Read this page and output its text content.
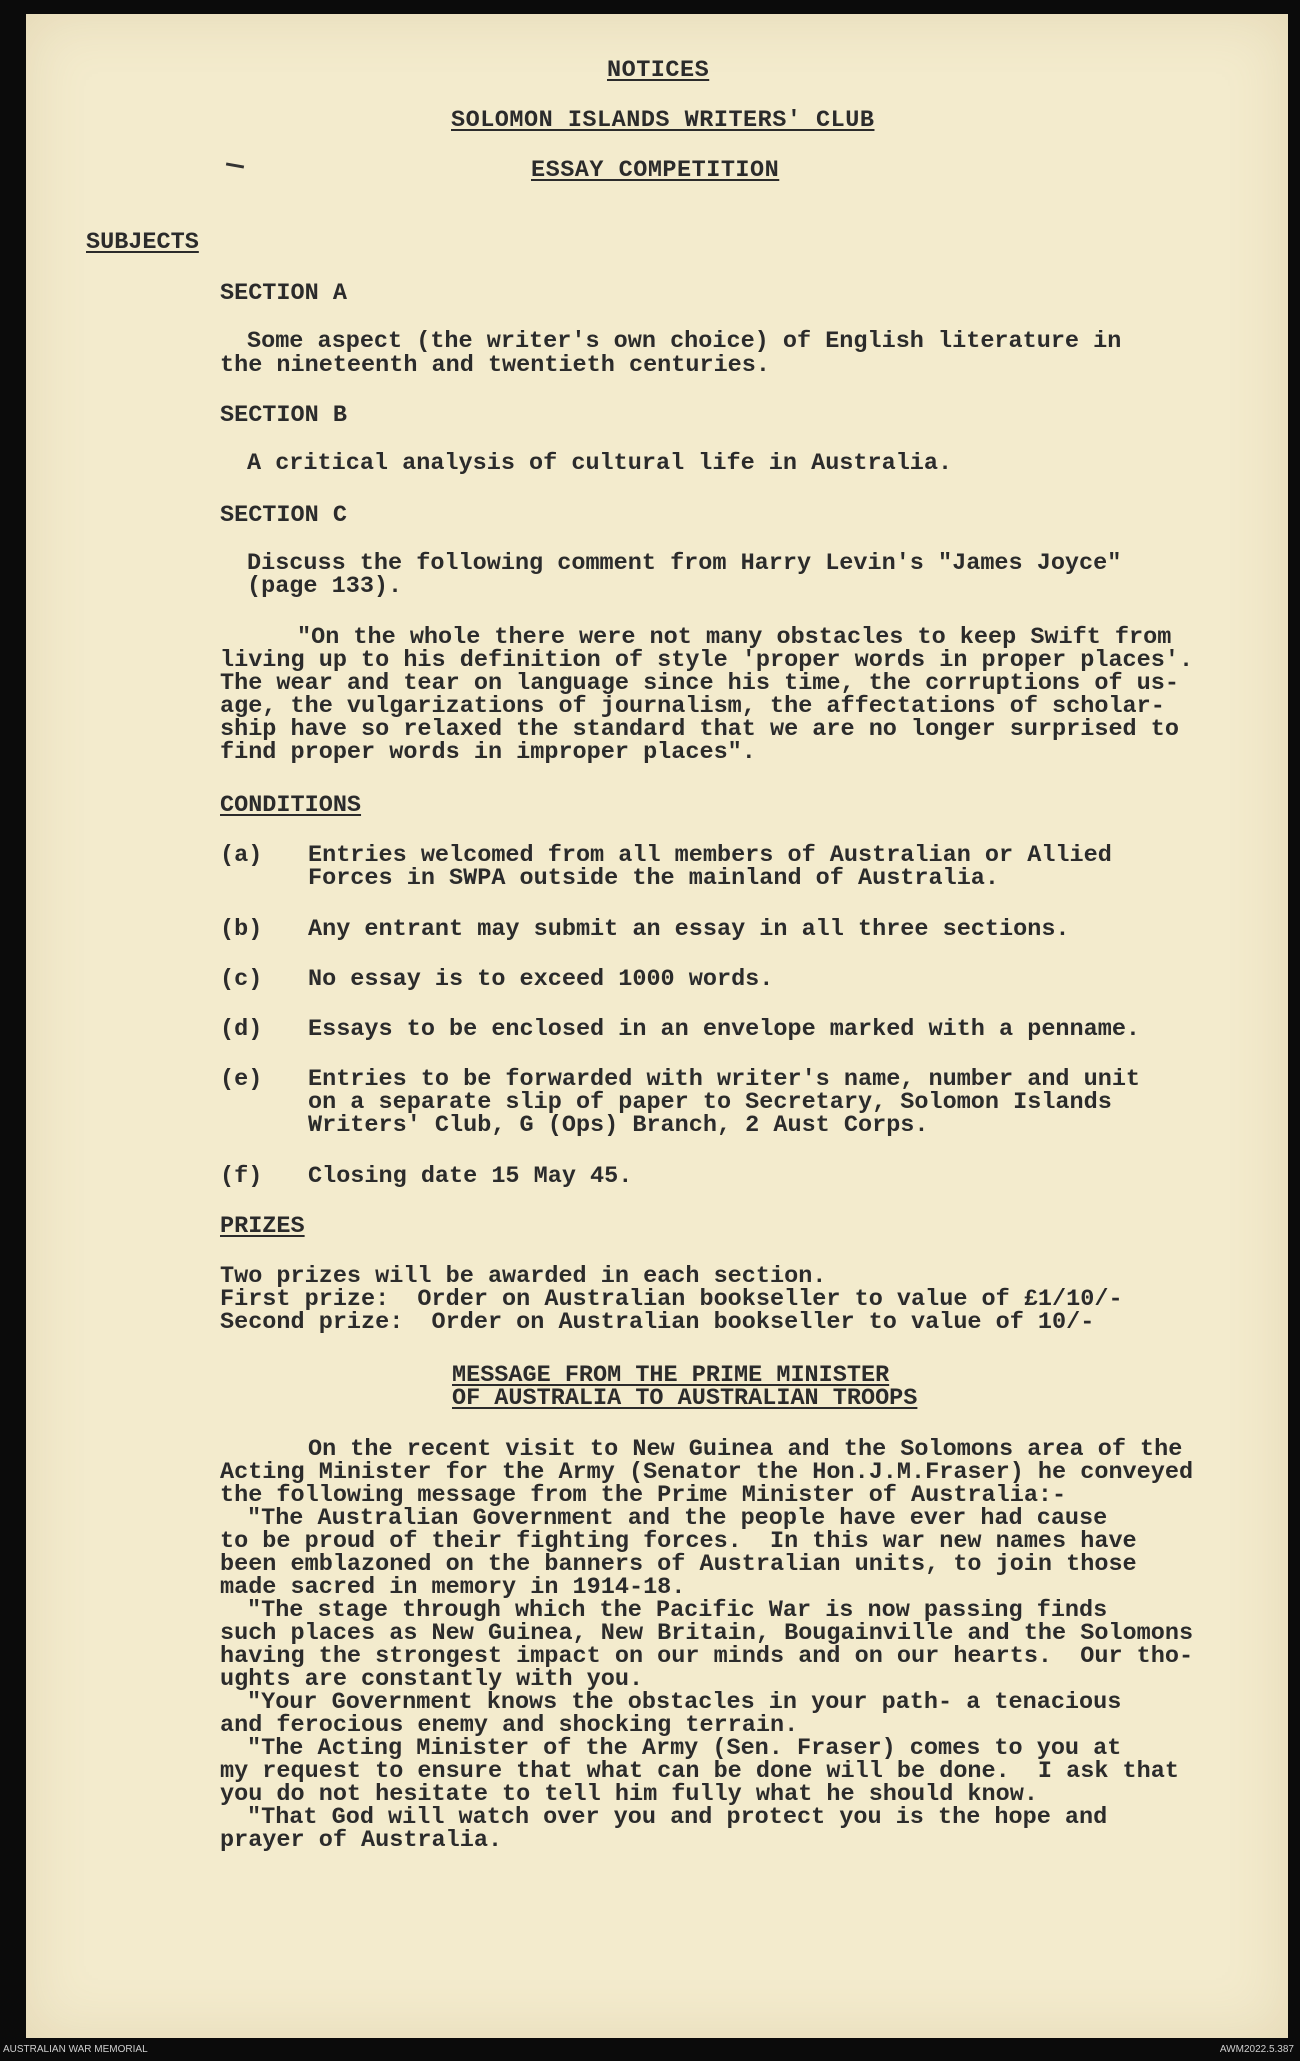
NOTICES
SOLOMON ISLANDS WRITERS' CLUB
ESSAY COMPETITION
SUBJECTS
SECTION A
Some aspect (the writer's own choice) of English literature in
the nineteenth and twentieth centuries.
SECTION B
A critical analysis of cultural life in Australia.
SECTION C
Discuss the following comment from Harry Levin's "James Joyce"
(page 133).
"On the whole there were not many obstacles to keep Swift from
living up to his definition of style 'proper words in proper places'.
The wear and tear on language since his time, the corruptions of us-
age, the vulgarizations of journalism, the affectations of scholar-
ship have so relaxed the standard that we are no longer surprised to
find proper words in improper places".
CONDITIONS
(a) Entries welcomed from all members of Australian or Allied
Forces in SWPA outside the mainland of Australia.
(b) Any entrant may submit an essay in all three sections.
(c) No essay is to exceed 1000 words.
(d) Essays to be enclosed in an envelope marked with a penname.
(e) Entries to be forwarded with writer's name, number and unit
on a separate slip of paper to Secretary, Solomon Islands
Writers' Club, G (Ops) Branch, 2 Aust Corps.
(f) Closing date 15 May 45.
PRIZES
Two prizes will be awarded in each section.
First prize:  Order on Australian bookseller to value of £1/10/-
Second prize:  Order on Australian bookseller to value of 10/-
MESSAGE FROM THE PRIME MINISTER
OF AUSTRALIA TO AUSTRALIAN TROOPS
On the recent visit to New Guinea and the Solomons area of the
Acting Minister for the Army (Senator the Hon.J.M.Fraser) he conveyed
the following message from the Prime Minister of Australia:-
"The Australian Government and the people have ever had cause
to be proud of their fighting forces.  In this war new names have
been emblazoned on the banners of Australian units, to join those
made sacred in memory in 1914-18.
"The stage through which the Pacific War is now passing finds
such places as New Guinea, New Britain, Bougainville and the Solomons
having the strongest impact on our minds and on our hearts.  Our tho-
ughts are constantly with you.
"Your Government knows the obstacles in your path- a tenacious
and ferocious enemy and shocking terrain.
"The Acting Minister of the Army (Sen. Fraser) comes to you at
my request to ensure that what can be done will be done.  I ask that
you do not hesitate to tell him fully what he should know.
"That God will watch over you and protect you is the hope and
prayer of Australia.
AUSTRALIAN WAR MEMORIAL	AWM2022.5.387
